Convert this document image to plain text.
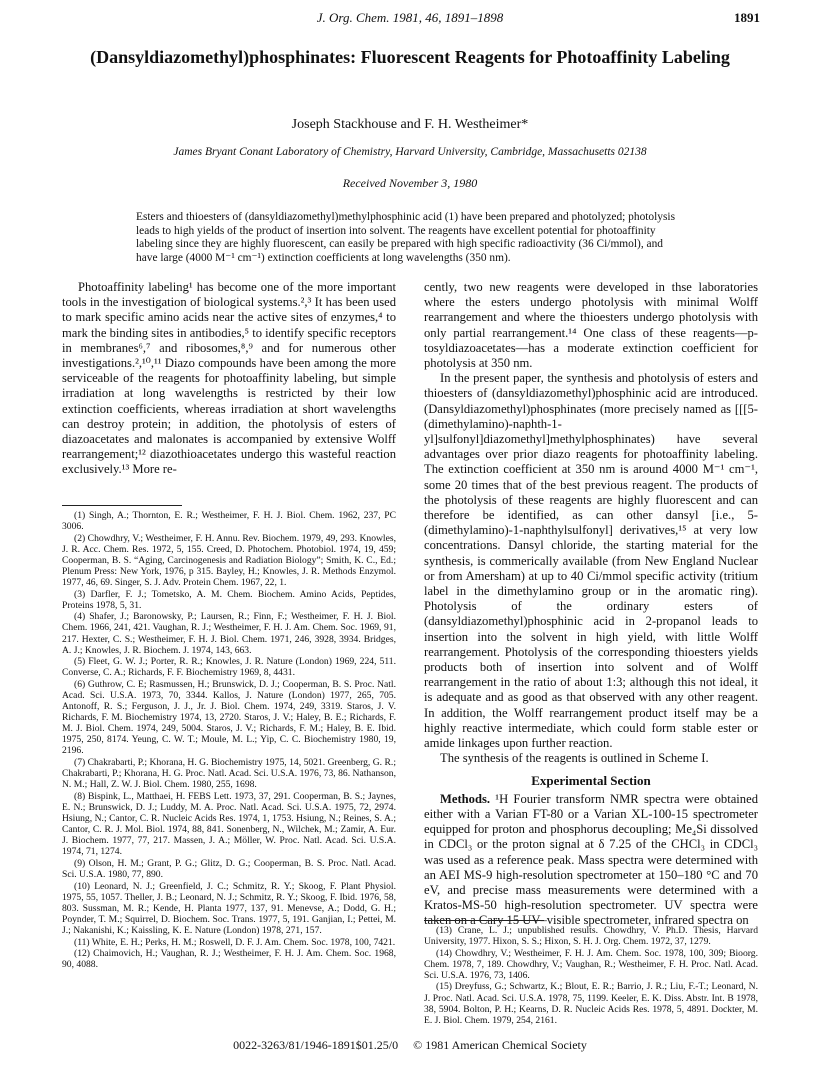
J. Org. Chem. 1981, 46, 1891–1898	1891
(Dansyldiazomethyl)phosphinates: Fluorescent Reagents for Photoaffinity Labeling
Joseph Stackhouse and F. H. Westheimer*
James Bryant Conant Laboratory of Chemistry, Harvard University, Cambridge, Massachusetts 02138
Received November 3, 1980

Esters and thioesters of (dansyldiazomethyl)methylphosphinic acid (1) have been prepared and photolyzed; photolysis leads to high yields of the product of insertion into solvent. The reagents have excellent potential for photoaffinity labeling since they are highly fluorescent, can easily be prepared with high specific radioactivity (36 Ci/mmol), and have large (4000 M⁻¹ cm⁻¹) extinction coefficients at long wavelengths (350 nm).

Photoaffinity labeling¹ has become one of the more important tools in the investigation of biological systems.²,³ It has been used to mark specific amino acids near the active sites of enzymes,⁴ to mark the binding sites in antibodies,⁵ to identify specific receptors in membranes⁶,⁷ and ribosomes,⁸,⁹ and for numerous other investigations.²,¹⁰,¹¹ Diazo compounds have been among the more serviceable of the reagents for photoaffinity labeling, but simple irradiation at long wavelengths is restricted by their low extinction coefficients, whereas irradiation at short wavelengths can destroy protein; in addition, the photolysis of esters of diazoacetates and malonates is accompanied by extensive Wolff rearrangement;¹² diazothioacetates undergo this wasteful reaction exclusively.¹³ More re-

(1) Singh, A.; Thornton, E. R.; Westheimer, F. H. J. Biol. Chem. 1962, 237, PC 3006.

(2) Chowdhry, V.; Westheimer, F. H. Annu. Rev. Biochem. 1979, 49, 293. Knowles, J. R. Acc. Chem. Res. 1972, 5, 155. Creed, D. Photochem. Photobiol. 1974, 19, 459; Cooperman, B. S. “Aging, Carcinogenesis and Radiation Biology”; Smith, K. C., Ed.; Plenum Press: New York, 1976, p 315. Bayley, H.; Knowles, J. R. Methods Enzymol. 1977, 46, 69. Singer, S. J. Adv. Protein Chem. 1967, 22, 1.

(3) Darfler, F. J.; Tometsko, A. M. Chem. Biochem. Amino Acids, Peptides, Proteins 1978, 5, 31.

(4) Shafer, J.; Baronowsky, P.; Laursen, R.; Finn, F.; Westheimer, F. H. J. Biol. Chem. 1966, 241, 421. Vaughan, R. J.; Westheimer, F. H. J. Am. Chem. Soc. 1969, 91, 217. Hexter, C. S.; Westheimer, F. H. J. Biol. Chem. 1971, 246, 3928, 3934. Bridges, A. J.; Knowles, J. R. Biochem. J. 1974, 143, 663.

(5) Fleet, G. W. J.; Porter, R. R.; Knowles, J. R. Nature (London) 1969, 224, 511. Converse, C. A.; Richards, F. F. Biochemistry 1969, 8, 4431.

(6) Guthrow, C. E; Rasmussen, H.; Brunswick, D. J.; Cooperman, B. S. Proc. Natl. Acad. Sci. U.S.A. 1973, 70, 3344. Kallos, J. Nature (London) 1977, 265, 705. Antonoff, R. S.; Ferguson, J. J., Jr. J. Biol. Chem. 1974, 249, 3319. Staros, J. V. Richards, F. M. Biochemistry 1974, 13, 2720. Staros, J. V.; Haley, B. E.; Richards, F. M. J. Biol. Chem. 1974, 249, 5004. Staros, J. V.; Richards, F. M.; Haley, B. E. Ibid. 1975, 250, 8174. Yeung, C. W. T.; Moule, M. L.; Yip, C. C. Biochemistry 1980, 19, 2196.

(7) Chakrabarti, P.; Khorana, H. G. Biochemistry 1975, 14, 5021. Greenberg, G. R.; Chakrabarti, P.; Khorana, H. G. Proc. Natl. Acad. Sci. U.S.A. 1976, 73, 86. Nathanson, N. M.; Hall, Z. W. J. Biol. Chem. 1980, 255, 1698.

(8) Bispink, L., Matthaei, H. FEBS Lett. 1973, 37, 291. Cooperman, B. S.; Jaynes, E. N.; Brunswick, D. J.; Luddy, M. A. Proc. Natl. Acad. Sci. U.S.A. 1975, 72, 2974. Hsiung, N.; Cantor, C. R. Nucleic Acids Res. 1974, 1, 1753. Hsiung, N.; Reines, S. A.; Cantor, C. R. J. Mol. Biol. 1974, 88, 841. Sonenberg, N., Wilchek, M.; Zamir, A. Eur. J. Biochem. 1977, 77, 217. Massen, J. A.; Möller, W. Proc. Natl. Acad. Sci. U.S.A. 1974, 71, 1274.

(9) Olson, H. M.; Grant, P. G.; Glitz, D. G.; Cooperman, B. S. Proc. Natl. Acad. Sci. U.S.A. 1980, 77, 890.

(10) Leonard, N. J.; Greenfield, J. C.; Schmitz, R. Y.; Skoog, F. Plant Physiol. 1975, 55, 1057. Theller, J. B.; Leonard, N. J.; Schmitz, R. Y.; Skoog, F. Ibid. 1976, 58, 803. Sussman, M. R.; Kende, H. Planta 1977, 137, 91. Menevse, A.; Dodd, G. H.; Poynder, T. M.; Squirrel, D. Biochem. Soc. Trans. 1977, 5, 191. Ganjian, I.; Pettei, M. J.; Nakanishi, K.; Kaissling, K. E. Nature (London) 1978, 271, 157.

(11) White, E. H.; Perks, H. M.; Roswell, D. F. J. Am. Chem. Soc. 1978, 100, 7421.

(12) Chaimovich, H.; Vaughan, R. J.; Westheimer, F. H. J. Am. Chem. Soc. 1968, 90, 4088.

cently, two new reagents were developed in thse laboratories where the esters undergo photolysis with minimal Wolff rearrangement and where the thioesters undergo photolysis with only partial rearrangement.¹⁴ One class of these reagents—p-tosyldiazoacetates—has a moderate extinction coefficient for photolysis at 350 nm.

In the present paper, the synthesis and photolysis of esters and thioesters of (dansyldiazomethyl)phosphinic acid are introduced. (Dansyldiazomethyl)phosphinates (more precisely named as [[[5-(dimethylamino)-naphth-1-yl]sulfonyl]diazomethyl]methylphosphinates) have several advantages over prior diazo reagents for photoaffinity labeling. The extinction coefficient at 350 nm is around 4000 M⁻¹ cm⁻¹, some 20 times that of the best previous reagent. The products of the photolysis of these reagents are highly fluorescent and can therefore be identified, as can other dansyl [i.e., 5-(dimethylamino)-1-naphthylsulfonyl] derivatives,¹⁵ at very low concentrations. Dansyl chloride, the starting material for the synthesis, is commerically available (from New England Nuclear or from Amersham) at up to 40 Ci/mmol specific activity (tritium label in the dimethylamino group or in the aromatic ring). Photolysis of the ordinary esters of (dansyldiazomethyl)phosphinic acid in 2-propanol leads to insertion into the solvent in high yield, with little Wolff rearrangement. Photolysis of the corresponding thioesters yields products both of insertion into solvent and of Wolff rearrangement in the ratio of about 1:3; although this not ideal, it is adequate and as good as that observed with any other reagent. In addition, the Wolff rearrangement product itself may be a highly reactive intermediate, which could form stable ester or amide linkages upon further reaction.

The synthesis of the reagents is outlined in Scheme I.

Experimental Section

Methods. ¹H Fourier transform NMR spectra were obtained either with a Varian FT-80 or a Varian XL-100-15 spectrometer equipped for proton and phosphorus decoupling; Me₄Si dissolved in CDCl₃ or the proton signal at δ 7.25 of the CHCl₃ in CDCl₃ was used as a reference peak. Mass spectra were determined with an AEI MS-9 high-resolution spectrometer at 150–180 °C and 70 eV, and precise mass measurements were determined with a Kratos-MS-50 high-resolution spectrometer. UV spectra were taken on a Cary 15 UV–visible spectrometer, infrared spectra on

(13) Crane, L. J.; unpublished results. Chowdhry, V. Ph.D. Thesis, Harvard University, 1977. Hixon, S. S.; Hixon, S. H. J. Org. Chem. 1972, 37, 1279.

(14) Chowdhry, V.; Westheimer, F. H. J. Am. Chem. Soc. 1978, 100, 309; Bioorg. Chem. 1978, 7, 189. Chowdhry, V.; Vaughan, R.; Westheimer, F. H. Proc. Natl. Acad. Sci. U.S.A. 1976, 73, 1406.

(15) Dreyfuss, G.; Schwartz, K.; Blout, E. R.; Barrio, J. R.; Liu, F.-T.; Leonard, N. J. Proc. Natl. Acad. Sci. U.S.A. 1978, 75, 1199. Keeler, E. K. Diss. Abstr. Int. B 1978, 38, 5904. Bolton, P. H.; Kearns, D. R. Nucleic Acids Res. 1978, 5, 4891. Dockter, M. E. J. Biol. Chem. 1979, 254, 2161.

0022-3263/81/1946-1891$01.25/0 © 1981 American Chemical Society
